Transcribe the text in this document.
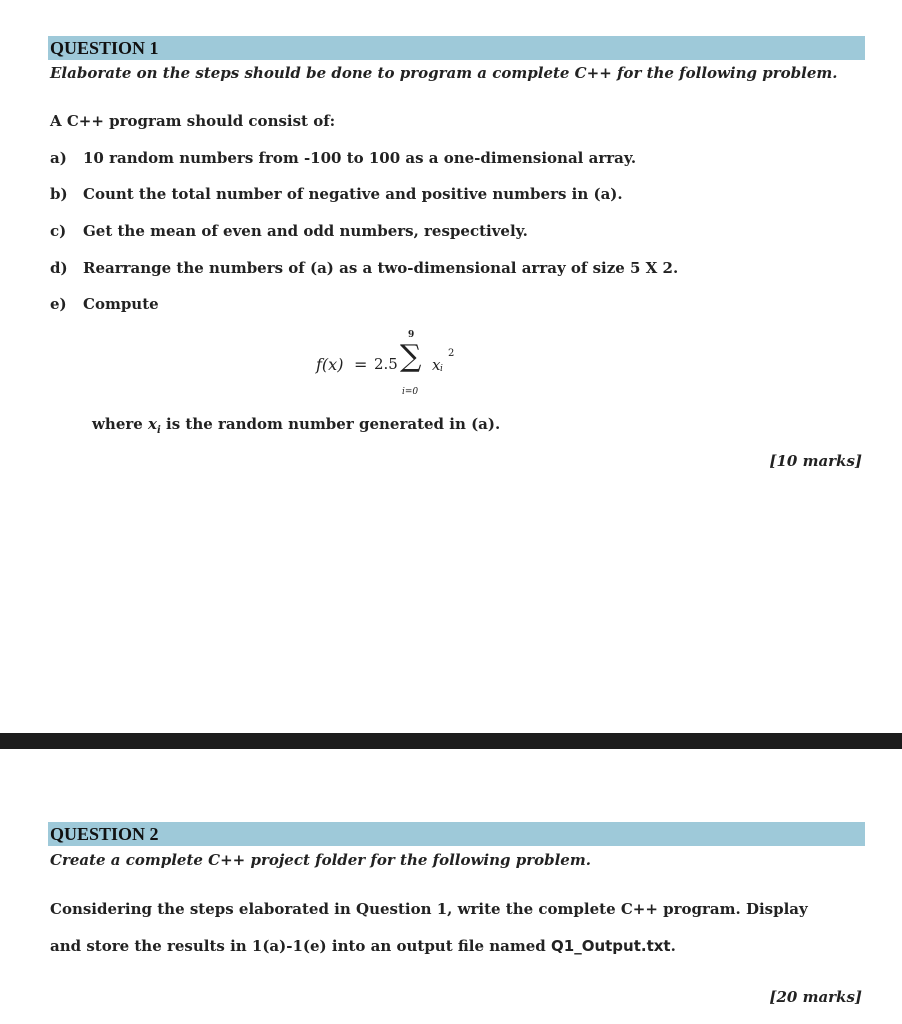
QUESTION 1
Elaborate on the steps should be done to program a complete C++ for the following problem.
A C++ program should consist of:
a) 10 random numbers from -100 to 100 as a one-dimensional array.
b) Count the total number of negative and positive numbers in (a).
c) Get the mean of even and odd numbers, respectively.
d) Rearrange the numbers of (a) as a two-dimensional array of size 5 X 2.
e) Compute
f(x) = 2.5
9
∑
i=0
x i
2
where $x_i$ is the random number generated in (a).
[10 marks]
QUESTION 2
Create a complete C++ project folder for the following problem.
Considering the steps elaborated in Question 1, write the complete C++ program. Display
and store the results in 1(a)-1(e) into an output file named Q1_Output.txt.
[20 marks]
